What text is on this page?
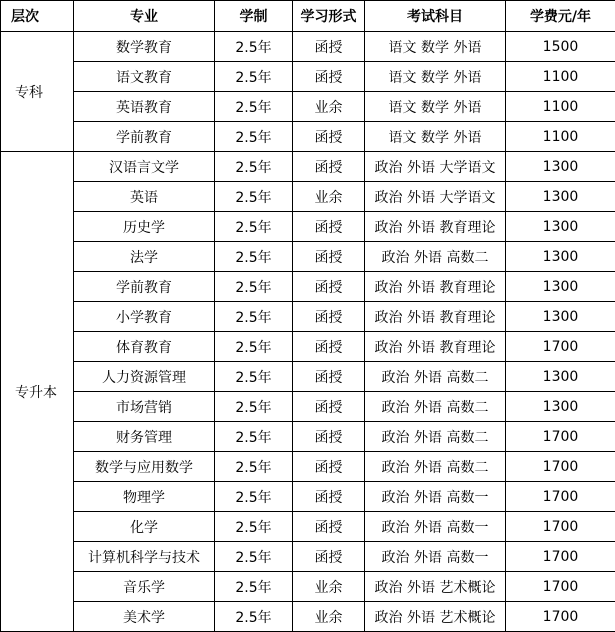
层次	专业	学制	学习形式	考试科目	学费元/年
专科	数学教育	2.5年	函授	语文 数学 外语	1500
	语文教育	2.5年	函授	语文 数学 外语	1100
	英语教育	2.5年	业余	语文 数学 外语	1100
	学前教育	2.5年	函授	语文 数学 外语	1100
专升本	汉语言文学	2.5年	函授	政治 外语 大学语文	1300
	英语	2.5年	业余	政治 外语 大学语文	1300
	历史学	2.5年	函授	政治 外语 教育理论	1300
	法学	2.5年	函授	政治 外语 高数二	1300
	学前教育	2.5年	函授	政治 外语 教育理论	1300
	小学教育	2.5年	函授	政治 外语 教育理论	1300
	体育教育	2.5年	函授	政治 外语 教育理论	1700
	人力资源管理	2.5年	函授	政治 外语 高数二	1300
	市场营销	2.5年	函授	政治 外语 高数二	1300
	财务管理	2.5年	函授	政治 外语 高数二	1700
	数学与应用数学	2.5年	函授	政治 外语 高数二	1700
	物理学	2.5年	函授	政治 外语 高数一	1700
	化学	2.5年	函授	政治 外语 高数一	1700
	计算机科学与技术	2.5年	函授	政治 外语 高数一	1700
	音乐学	2.5年	业余	政治 外语 艺术概论	1700
	美术学	2.5年	业余	政治 外语 艺术概论	1700
